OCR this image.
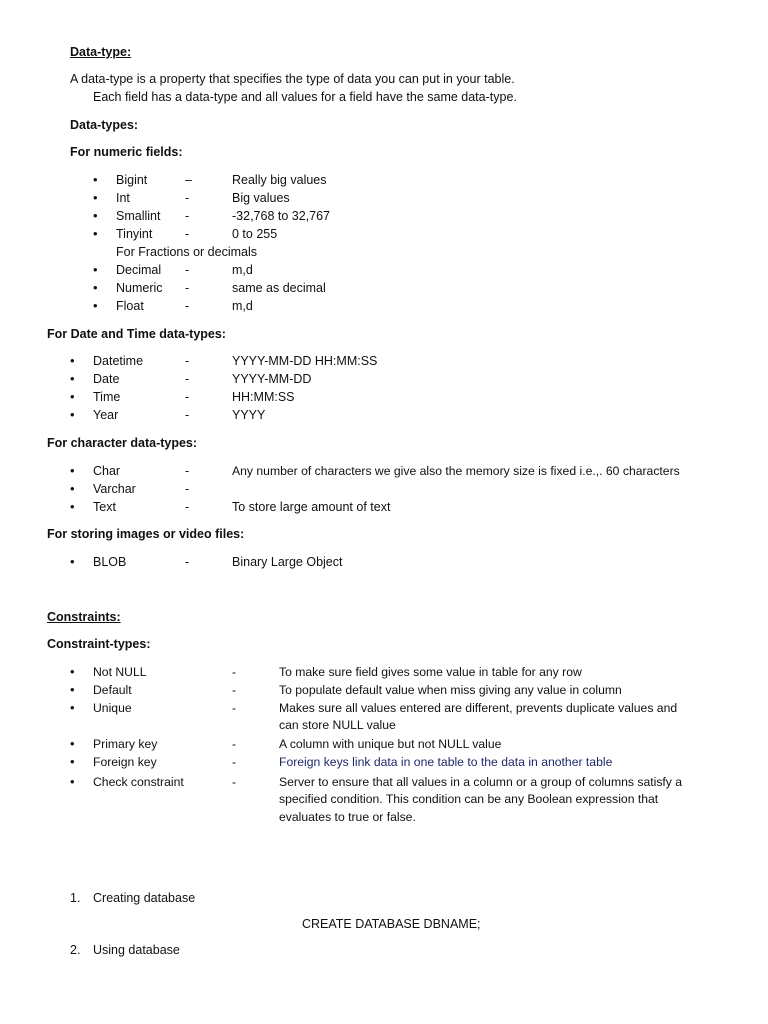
Data-type:
A data-type is a property that specifies the type of data you can put in your table.
Each field has a data-type and all values for a field have the same data-type.
Data-types:
For numeric fields:
• Bigint	–	Really big values
• Int	-	Big values
• Smallint -	-32,768 to 32,767
• Tinyint	-	0 to 255
For Fractions or decimals
• Decimal -	m,d
• Numeric -	same as decimal
• Float	-	m,d
For Date and Time data-types:
• Datetime	-	YYYY-MM-DD HH:MM:SS
• Date	-	YYYY-MM-DD
• Time	-	HH:MM:SS
• Year	-	YYYY
For character data-types:
• Char	-	Any number of characters we give also the memory size is fixed i.e.,. 60 characters
• Varchar	-
• Text	-	To store large amount of text
For storing images or video files:
• BLOB	-	Binary Large Object
Constraints:
Constraint-types:
• Not NULL	-	To make sure field gives some value in table for any row
• Default	-	To populate default value when miss giving any value in column
• Unique	-	Makes sure all values entered are different, prevents duplicate values and
can store NULL value
• Primary key	-	A column with unique but not NULL value
• Foreign key	-	Foreign keys link data in one table to the data in another table
• Check constraint	-	Server to ensure that all values in a column or a group of columns satisfy a
specified condition. This condition can be any Boolean expression that
evaluates to true or false.
1. Creating database
CREATE DATABASE DBNAME;
2. Using database
